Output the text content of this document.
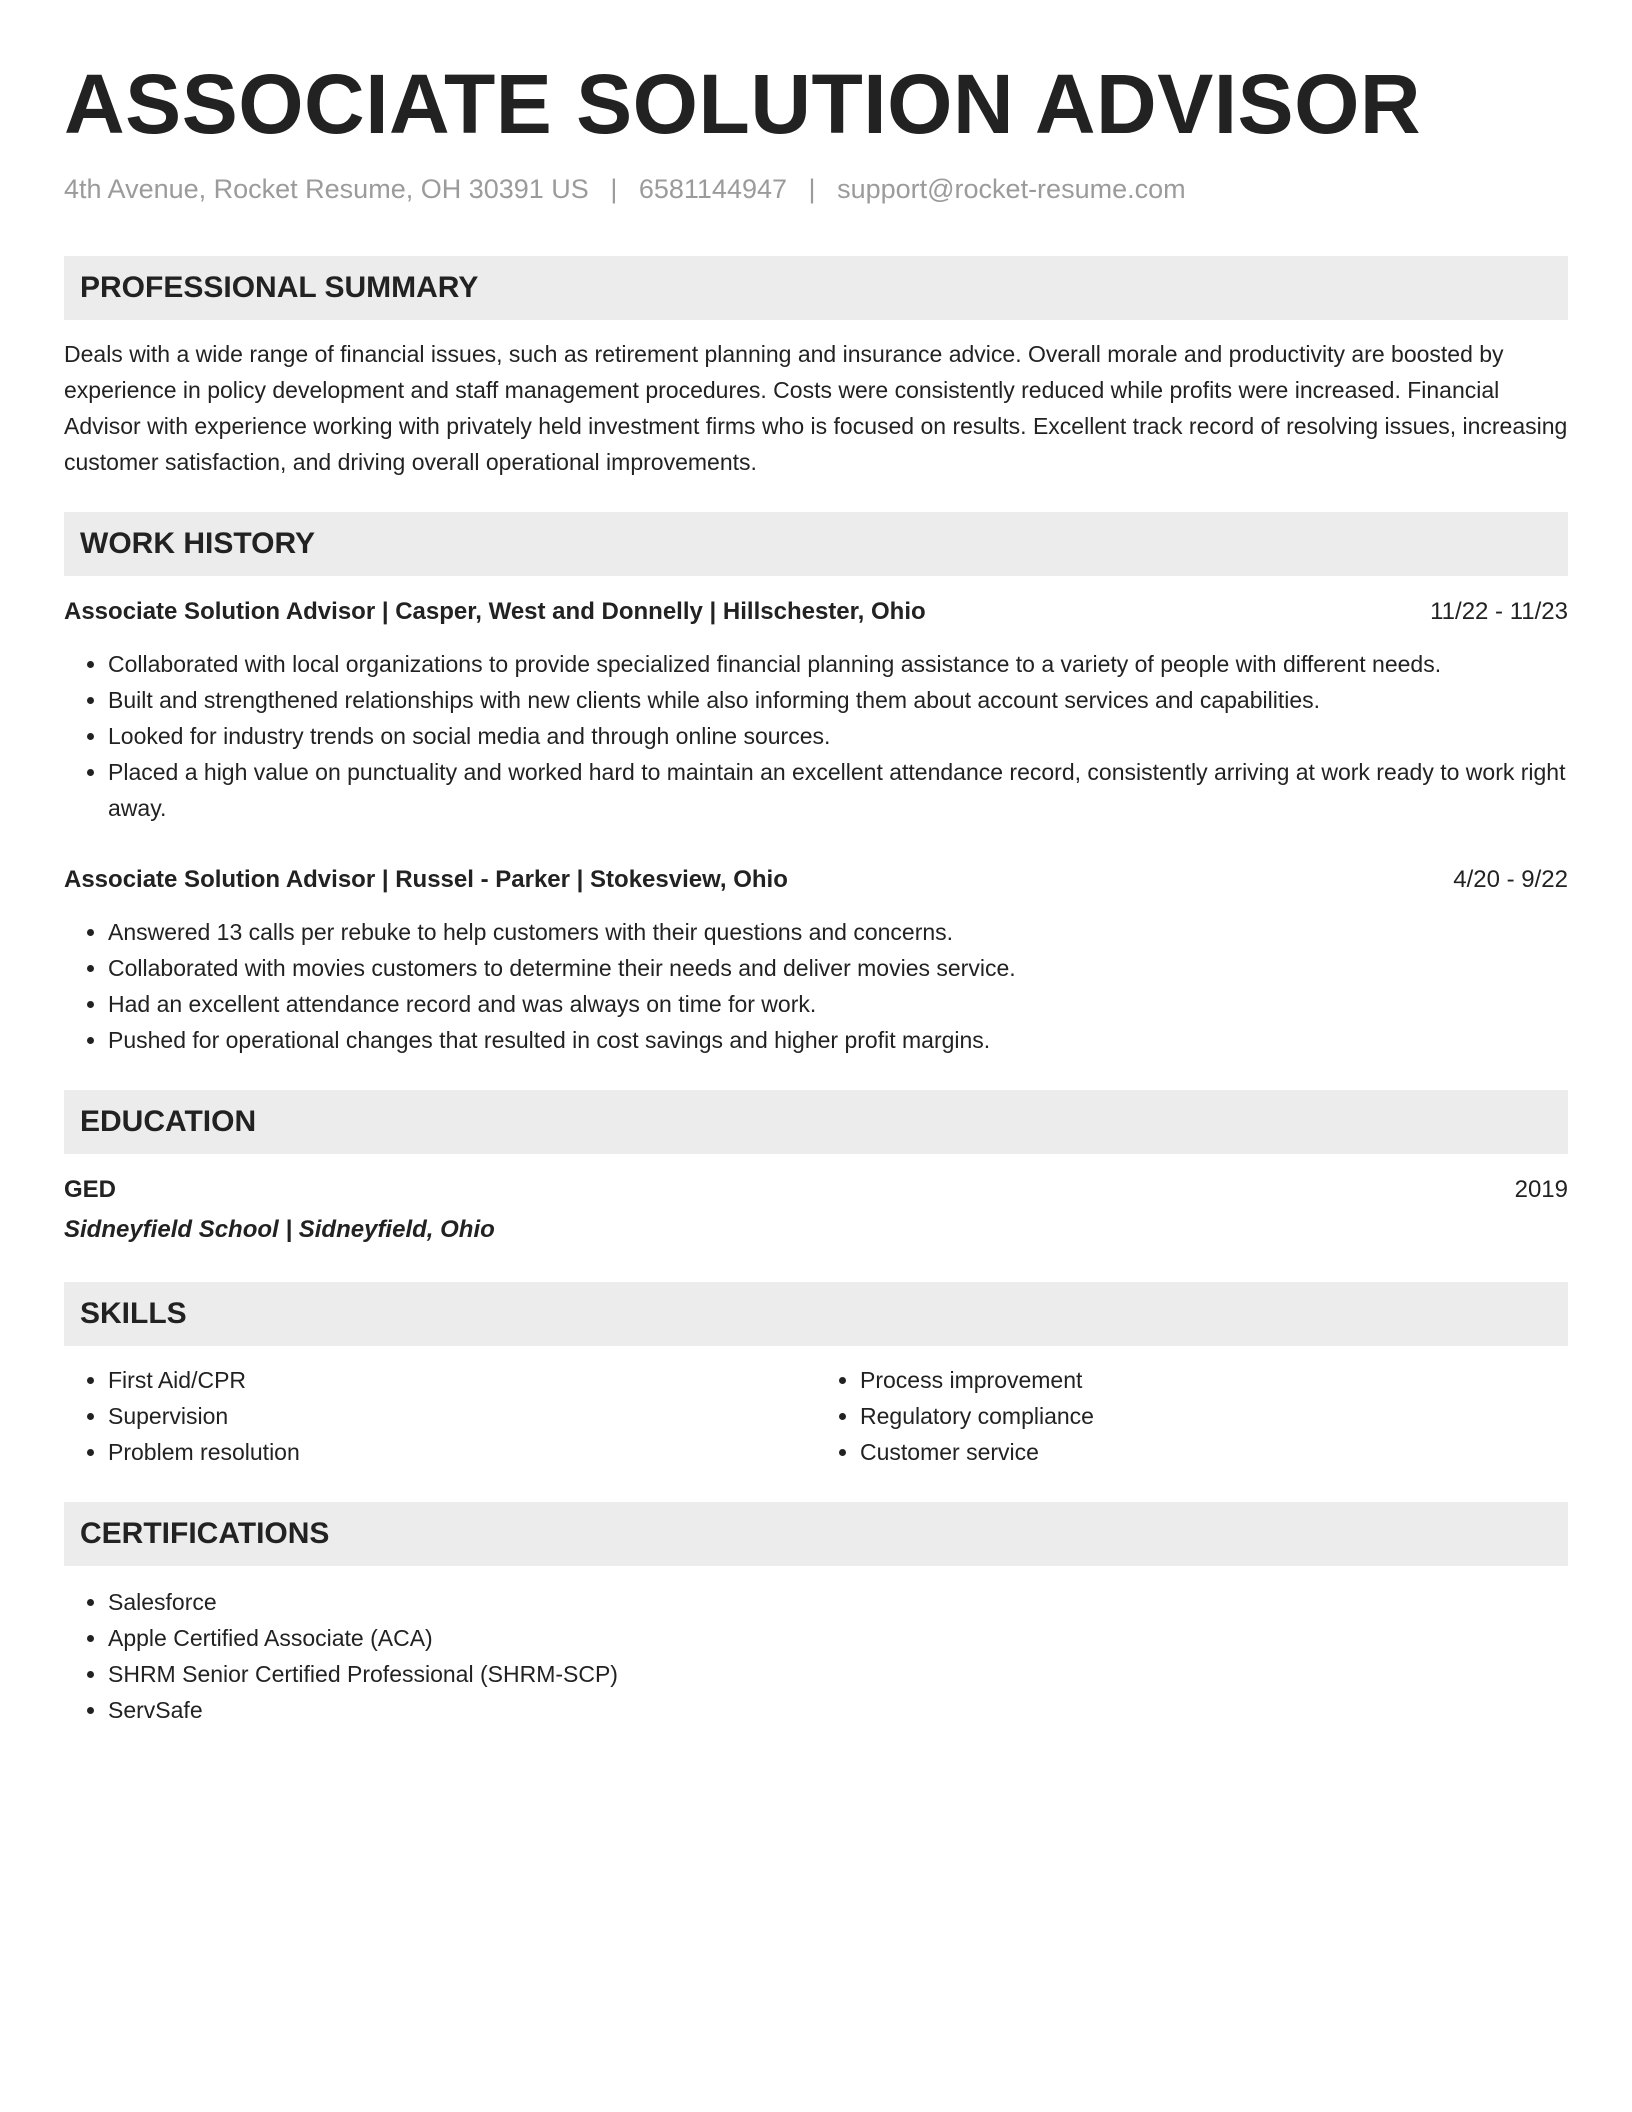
ASSOCIATE SOLUTION ADVISOR
4th Avenue, Rocket Resume, OH 30391 US | 6581144947 | support@rocket-resume.com
PROFESSIONAL SUMMARY
Deals with a wide range of financial issues, such as retirement planning and insurance advice. Overall morale and productivity are boosted by experience in policy development and staff management procedures. Costs were consistently reduced while profits were increased. Financial Advisor with experience working with privately held investment firms who is focused on results. Excellent track record of resolving issues, increasing customer satisfaction, and driving overall operational improvements.
WORK HISTORY
Associate Solution Advisor | Casper, West and Donnelly | Hillschester, Ohio	11/22 - 11/23
• Collaborated with local organizations to provide specialized financial planning assistance to a variety of people with different needs.
• Built and strengthened relationships with new clients while also informing them about account services and capabilities.
• Looked for industry trends on social media and through online sources.
• Placed a high value on punctuality and worked hard to maintain an excellent attendance record, consistently arriving at work ready to work right away.
Associate Solution Advisor | Russel - Parker | Stokesview, Ohio	4/20 - 9/22
• Answered 13 calls per rebuke to help customers with their questions and concerns.
• Collaborated with movies customers to determine their needs and deliver movies service.
• Had an excellent attendance record and was always on time for work.
• Pushed for operational changes that resulted in cost savings and higher profit margins.
EDUCATION
GED	2019
Sidneyfield School | Sidneyfield, Ohio
SKILLS
• First Aid/CPR
• Supervision
• Problem resolution
• Process improvement
• Regulatory compliance
• Customer service
CERTIFICATIONS
• Salesforce
• Apple Certified Associate (ACA)
• SHRM Senior Certified Professional (SHRM-SCP)
• ServSafe
